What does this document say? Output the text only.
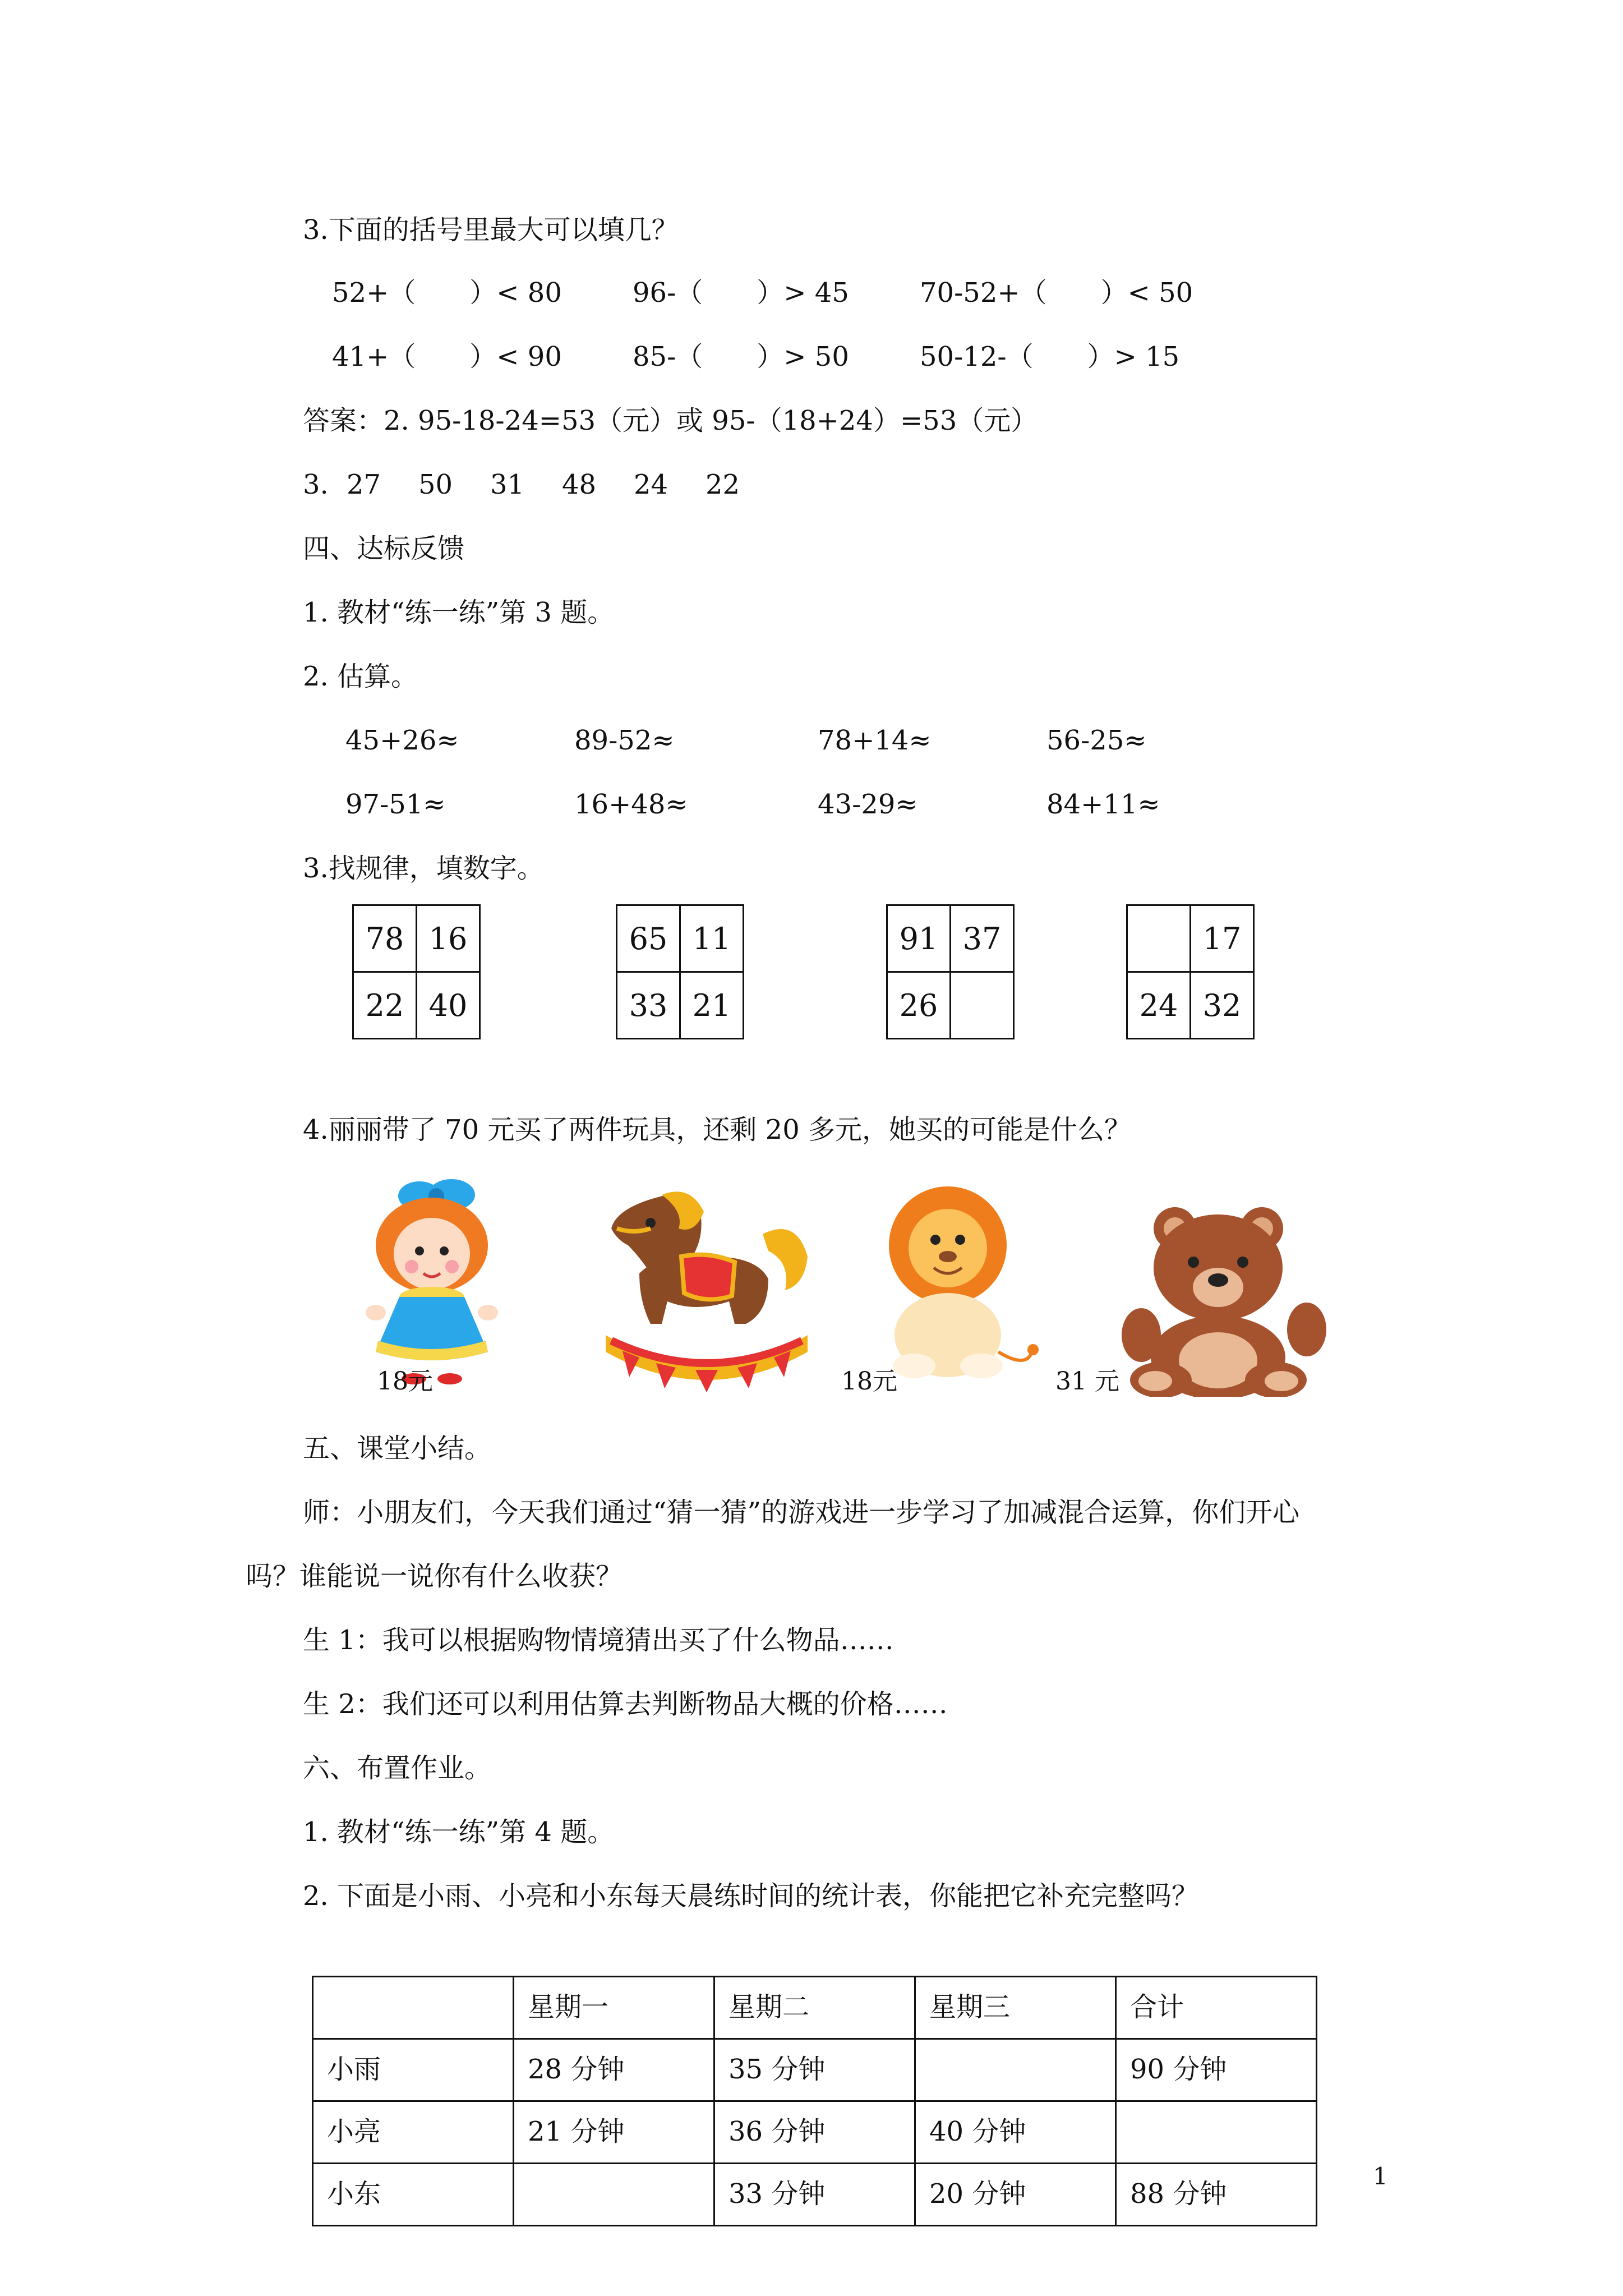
3.下面的括号里最大可以填几？
52+（　　）< 80	96-（　　）> 45	70-52+（　　）< 50
41+（　　）< 90	85-（　　）> 50	50-12-（　　）> 15
答案：2. 95-18-24=53（元）或 95-（18+24）=53（元）
3. 27 50 31 48 24 22
四、达标反馈
1. 教材“练一练”第 3 题。
2. 估算。
45+26≈	89-52≈	78+14≈	56-25≈
97-51≈	16+48≈	43-29≈	84+11≈
3.找规律，填数字。
78	16
22	40
65	11
33	21
91	37
26	
	17
24	32
4.丽丽带了 70 元买了两件玩具，还剩 20 多元，她买的可能是什么？
18元	18元	31 元
五、课堂小结。
师：小朋友们，今天我们通过“猜一猜”的游戏进一步学习了加减混合运算，你们开心
吗？谁能说一说你有什么收获？
生 1：我可以根据购物情境猜出买了什么物品……
生 2：我们还可以利用估算去判断物品大概的价格……
六、布置作业。
1. 教材“练一练”第 4 题。
2. 下面是小雨、小亮和小东每天晨练时间的统计表，你能把它补充完整吗？
	星期一	星期二	星期三	合计
小雨	28 分钟	35 分钟		90 分钟
小亮	21 分钟	36 分钟	40 分钟	
小东		33 分钟	20 分钟	88 分钟
1
